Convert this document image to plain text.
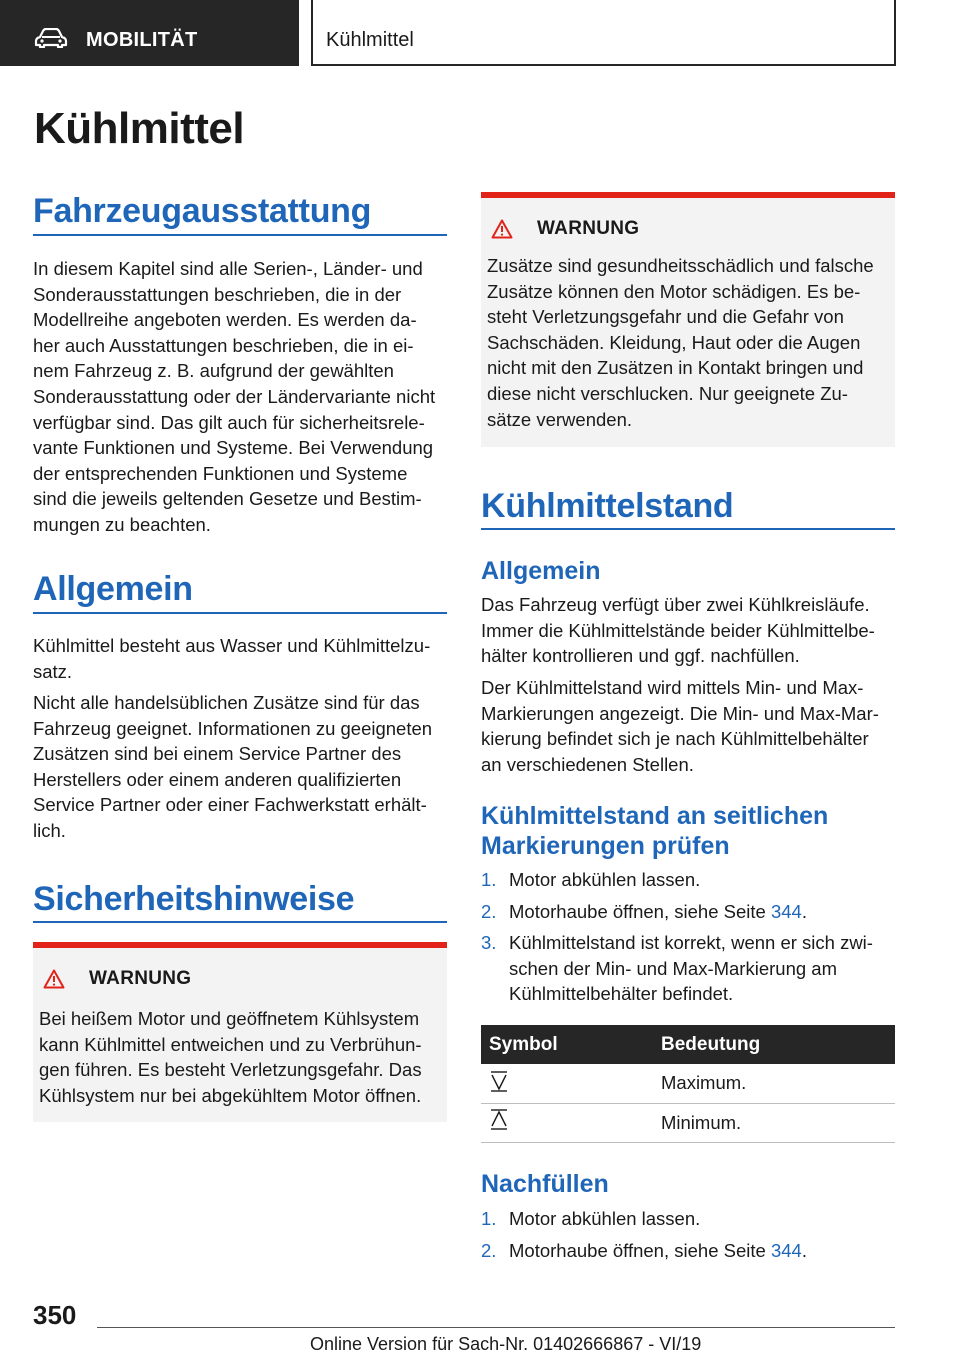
MOBILITÄT	Kühlmittel
Kühlmittel
Fahrzeugausstattung
In diesem Kapitel sind alle Serien-, Länder- und
Sonderausstattungen beschrieben, die in der
Modellreihe angeboten werden. Es werden da-
her auch Ausstattungen beschrieben, die in ei-
nem Fahrzeug z. B. aufgrund der gewählten
Sonderausstattung oder der Ländervariante nicht
verfügbar sind. Das gilt auch für sicherheitsrele-
vante Funktionen und Systeme. Bei Verwendung
der entsprechenden Funktionen und Systeme
sind die jeweils geltenden Gesetze und Bestim-
mungen zu beachten.
Allgemein
Kühlmittel besteht aus Wasser und Kühlmittelzu-
satz.
Nicht alle handelsüblichen Zusätze sind für das
Fahrzeug geeignet. Informationen zu geeigneten
Zusätzen sind bei einem Service Partner des
Herstellers oder einem anderen qualifizierten
Service Partner oder einer Fachwerkstatt erhält-
lich.
Sicherheitshinweise
WARNUNG
Bei heißem Motor und geöffnetem Kühlsystem
kann Kühlmittel entweichen und zu Verbrühun-
gen führen. Es besteht Verletzungsgefahr. Das
Kühlsystem nur bei abgekühltem Motor öffnen.
WARNUNG
Zusätze sind gesundheitsschädlich und falsche
Zusätze können den Motor schädigen. Es be-
steht Verletzungsgefahr und die Gefahr von
Sachschäden. Kleidung, Haut oder die Augen
nicht mit den Zusätzen in Kontakt bringen und
diese nicht verschlucken. Nur geeignete Zu-
sätze verwenden.
Kühlmittelstand
Allgemein
Das Fahrzeug verfügt über zwei Kühlkreisläufe.
Immer die Kühlmittelstände beider Kühlmittelbe-
hälter kontrollieren und ggf. nachfüllen.
Der Kühlmittelstand wird mittels Min- und Max-
Markierungen angezeigt. Die Min- und Max-Mar-
kierung befindet sich je nach Kühlmittelbehälter
an verschiedenen Stellen.
Kühlmittelstand an seitlichen
Markierungen prüfen
1. Motor abkühlen lassen.
2. Motorhaube öffnen, siehe Seite 344.
3. Kühlmittelstand ist korrekt, wenn er sich zwi-
schen der Min- und Max-Markierung am
Kühlmittelbehälter befindet.
Symbol	Bedeutung
	Maximum.
	Minimum.
Nachfüllen
1. Motor abkühlen lassen.
2. Motorhaube öffnen, siehe Seite 344.
350
Online Version für Sach-Nr. 01402666867 - VI/19
